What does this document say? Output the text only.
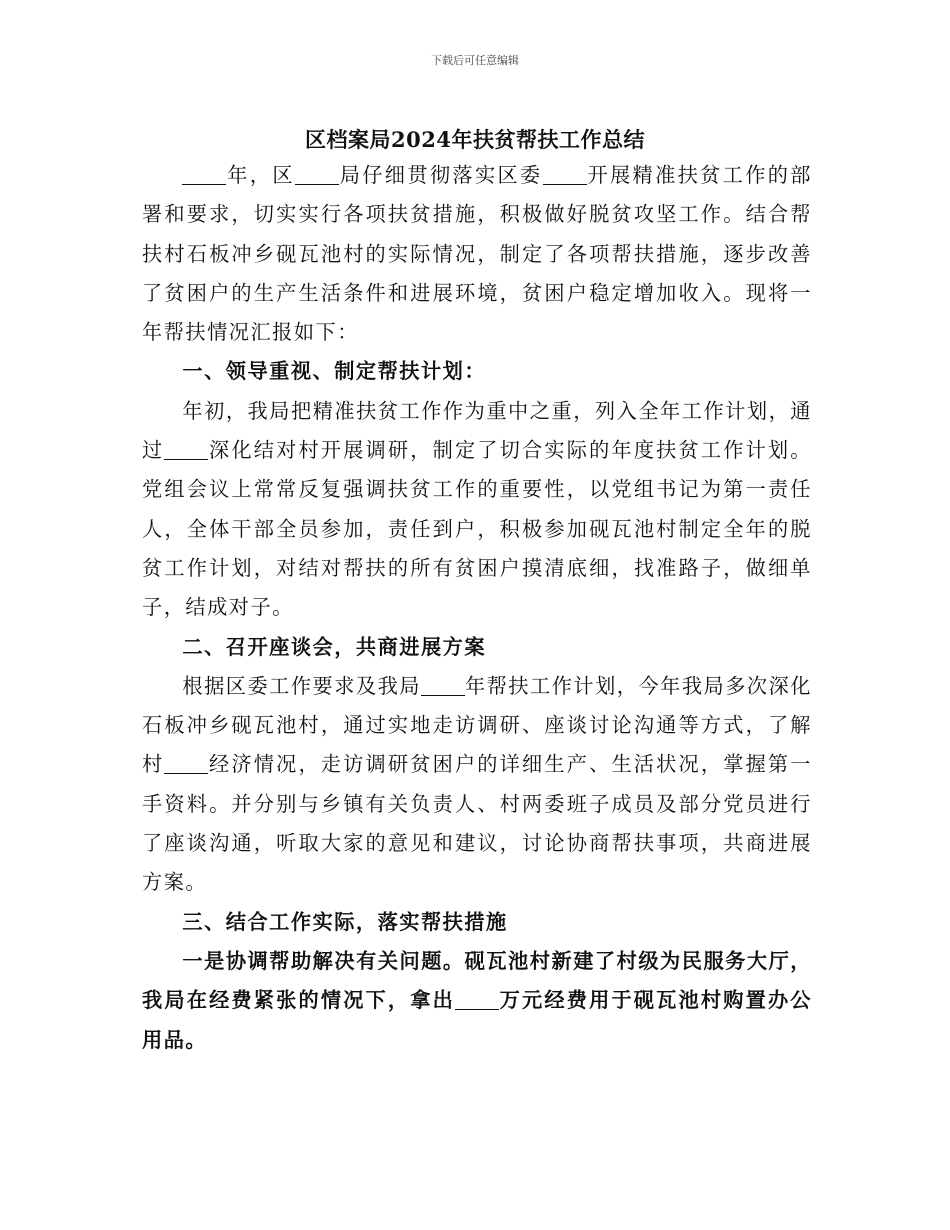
下载后可任意编辑
区档案局2024年扶贫帮扶工作总结

年，区 局仔细贯彻落实区委 开展精准扶贫工作的部署和要求，切实实行各项扶贫措施，积极做好脱贫攻坚工作。结合帮扶村石板冲乡砚瓦池村的实际情况，制定了各项帮扶措施，逐步改善了贫困户的生产生活条件和进展环境，贫困户稳定增加收入。现将一年帮扶情况汇报如下：

一、领导重视、制定帮扶计划：

年初，我局把精准扶贫工作作为重中之重，列入全年工作计划，通过 深化结对村开展调研，制定了切合实际的年度扶贫工作计划。党组会议上常常反复强调扶贫工作的重要性，以党组书记为第一责任人，全体干部全员参加，责任到户，积极参加砚瓦池村制定全年的脱贫工作计划，对结对帮扶的所有贫困户摸清底细，找准路子，做细单子，结成对子。

二、召开座谈会，共商进展方案

根据区委工作要求及我局 年帮扶工作计划，今年我局多次深化石板冲乡砚瓦池村，通过实地走访调研、座谈讨论沟通等方式，了解村 经济情况，走访调研贫困户的详细生产、生活状况，掌握第一手资料。并分别与乡镇有关负责人、村两委班子成员及部分党员进行了座谈沟通，听取大家的意见和建议，讨论协商帮扶事项，共商进展方案。

三、结合工作实际，落实帮扶措施

一是协调帮助解决有关问题。砚瓦池村新建了村级为民服务大厅，我局在经费紧张的情况下，拿出 万元经费用于砚瓦池村购置办公用品。
